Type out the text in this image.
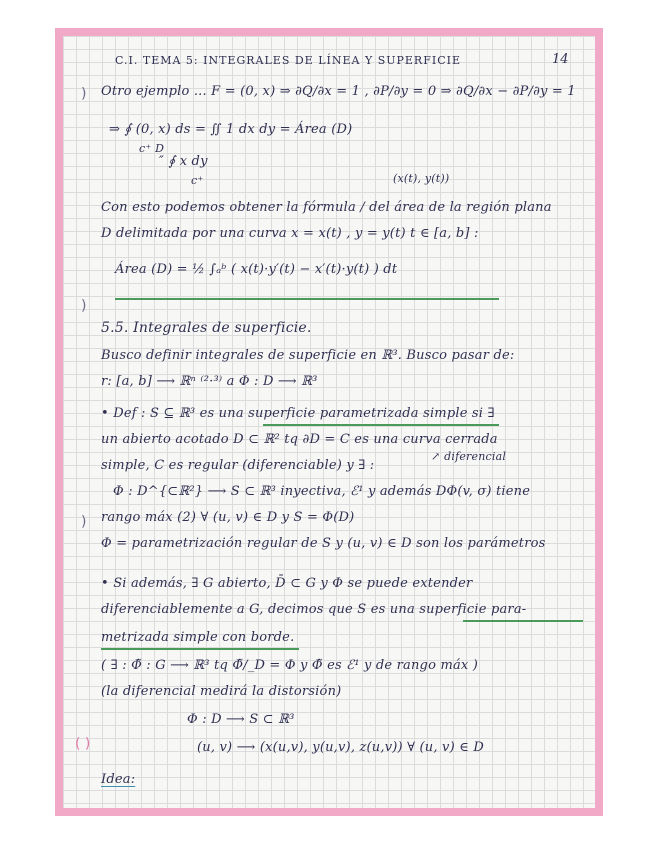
C.I. TEMA 5: INTEGRALES DE LÍNEA Y SUPERFICIE
Otro ejemplo ... F = (0, x) ⇒ ∂Q/∂x = 1 , ∂P/∂y = 0 ⇒ ∂Q/∂x − ∂P/∂y = 1
⇒ ∮ (0, x) ds = ∬ 1 dx dy = Área (D)
c⁺ D
″ ∮ x dy
c⁺	(x(t), y(t))
Con esto podemos obtener la fórmula / del área de la región plana
D delimitada por una curva x = x(t) , y = y(t) t ∈ [a, b] :
Área (D) = ½ ∫ₐᵇ ( x(t)·y′(t) − x′(t)·y(t) ) dt
5.5. Integrales de superficie.
Busco definir integrales de superficie en ℝ³. Busco pasar de:
r: [a, b] ⟶ ℝⁿ ⁽²·³⁾ a Φ : D ⟶ ℝ³
• Def : S ⊆ ℝ³ es una superficie parametrizada simple si ∃
un abierto acotado D ⊂ ℝ² tq ∂D = C es una curva cerrada
simple, C es regular (diferenciable) y ∃ :
↗ diferencial
Φ : D^{⊂ℝ²} ⟶ S ⊂ ℝ³ inyectiva, ℰ¹ y además DΦ(v, σ) tiene
rango máx (2) ∀ (u, v) ∈ D y S = Φ(D)
Φ = parametrización regular de S y (u, v) ∈ D son los parámetros
• Si además, ∃ G abierto, D̄ ⊂ G y Φ se puede extender
diferenciablemente a G, decimos que S es una superficie para-
metrizada simple con borde.
( ∃ : Φ̃ : G ⟶ ℝ³ tq Φ̃/_D = Φ y Φ̃ es ℰ¹ y de rango máx )
(la diferencial medirá la distorsión)
Φ : D ⟶ S ⊂ ℝ³
(u, v) ⟶ (x(u,v), y(u,v), z(u,v)) ∀ (u, v) ∈ D
Idea:
)
)
)
( )
14
